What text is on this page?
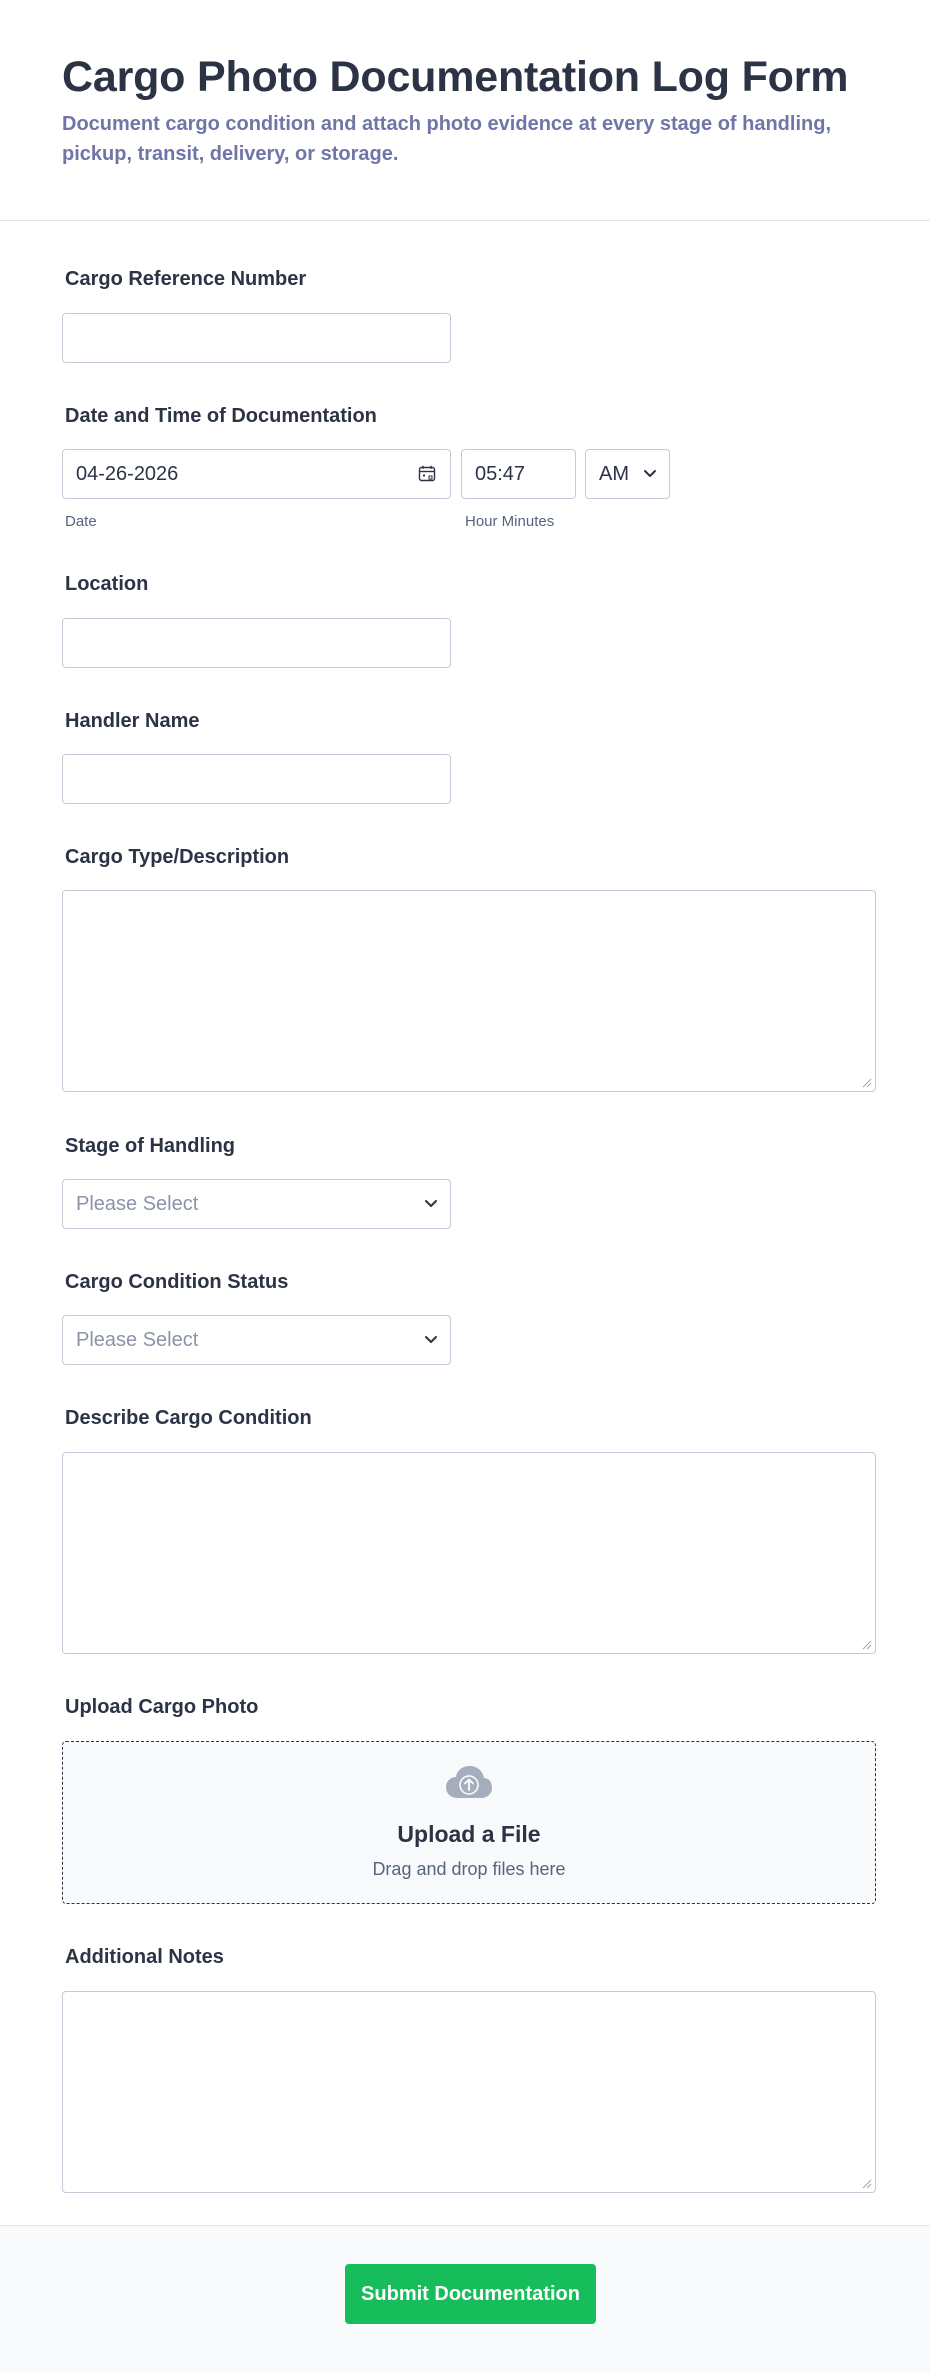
Cargo Photo Documentation Log Form

Document cargo condition and attach photo evidence at every stage of handling, pickup, transit, delivery, or storage.

Cargo Reference Number
Date and Time of Documentation
04-26-2026
Date
05:47
Hour Minutes
AM
Location
Handler Name
Cargo Type/Description
Stage of Handling
Please Select
Cargo Condition Status
Please Select
Describe Cargo Condition
Upload Cargo Photo
Upload a File
Drag and drop files here
Additional Notes
Submit Documentation
